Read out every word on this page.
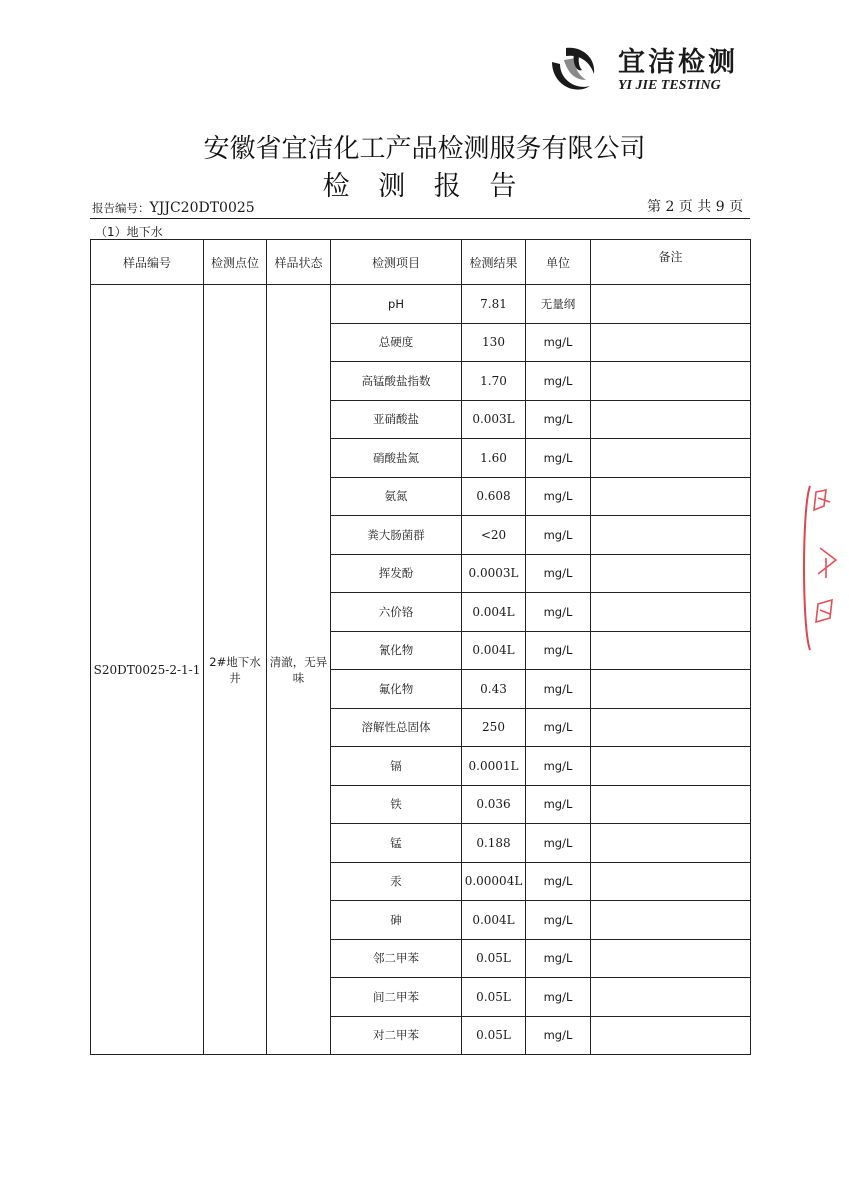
宜洁检测
YI JIE TESTING
安徽省宜洁化工产品检测服务有限公司
检 测 报 告
报告编号：YJJC20DT0025	第 2 页 共 9 页
（1）地下水
样品编号	检测点位	样品状态	检测项目	检测结果	单位	备注
S20DT0025-2-1-1	2#地下水井	清澈，无异味	pH	7.81	无量纲	
			总硬度	130	mg/L	
			高锰酸盐指数	1.70	mg/L	
			亚硝酸盐	0.003L	mg/L	
			硝酸盐氮	1.60	mg/L	
			氨氮	0.608	mg/L	
			粪大肠菌群	<20	mg/L	
			挥发酚	0.0003L	mg/L	
			六价铬	0.004L	mg/L	
			氰化物	0.004L	mg/L	
			氟化物	0.43	mg/L	
			溶解性总固体	250	mg/L	
			镉	0.0001L	mg/L	
			铁	0.036	mg/L	
			锰	0.188	mg/L	
			汞	0.00004L	mg/L	
			砷	0.004L	mg/L	
			邻二甲苯	0.05L	mg/L	
			间二甲苯	0.05L	mg/L	
			对二甲苯	0.05L	mg/L	
